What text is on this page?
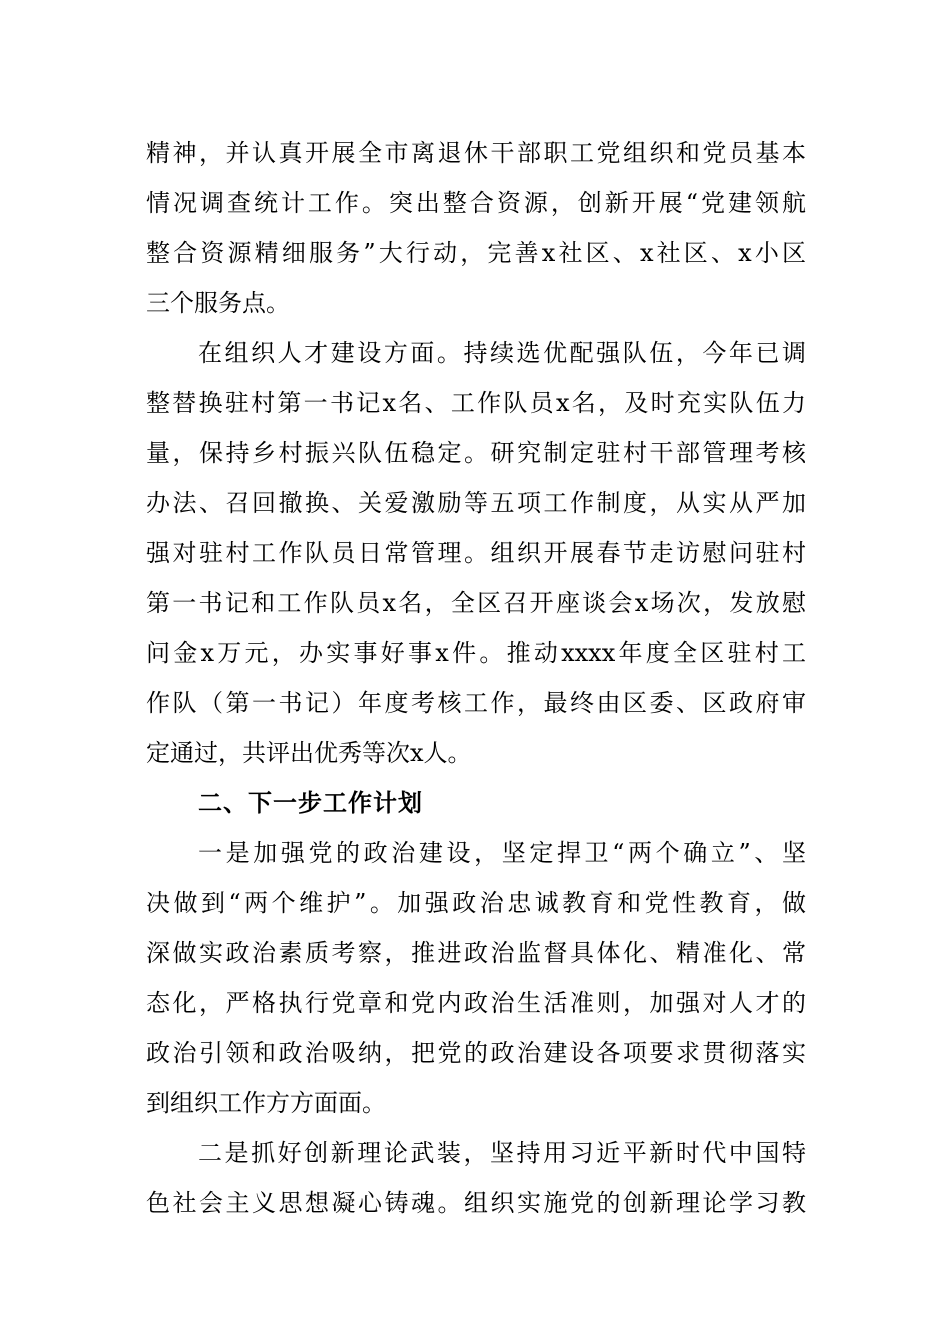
精神，并认真开展全市离退休干部职工党组织和党员基本
情况调查统计工作。突出整合资源，创新开展“党建领航
整合资源精细服务”大行动，完善x社区、x社区、x小区
三个服务点。
在组织人才建设方面。持续选优配强队伍，今年已调
整替换驻村第一书记x名、工作队员x名，及时充实队伍力
量，保持乡村振兴队伍稳定。研究制定驻村干部管理考核
办法、召回撤换、关爱激励等五项工作制度，从实从严加
强对驻村工作队员日常管理。组织开展春节走访慰问驻村
第一书记和工作队员x名，全区召开座谈会x场次，发放慰
问金x万元，办实事好事x件。推动xxxx年度全区驻村工
作队（第一书记）年度考核工作，最终由区委、区政府审
定通过，共评出优秀等次x人。
二、下一步工作计划
一是加强党的政治建设，坚定捍卫“两个确立”、坚
决做到“两个维护”。加强政治忠诚教育和党性教育，做
深做实政治素质考察，推进政治监督具体化、精准化、常
态化，严格执行党章和党内政治生活准则，加强对人才的
政治引领和政治吸纳，把党的政治建设各项要求贯彻落实
到组织工作方方面面。
二是抓好创新理论武装，坚持用习近平新时代中国特
色社会主义思想凝心铸魂。组织实施党的创新理论学习教
